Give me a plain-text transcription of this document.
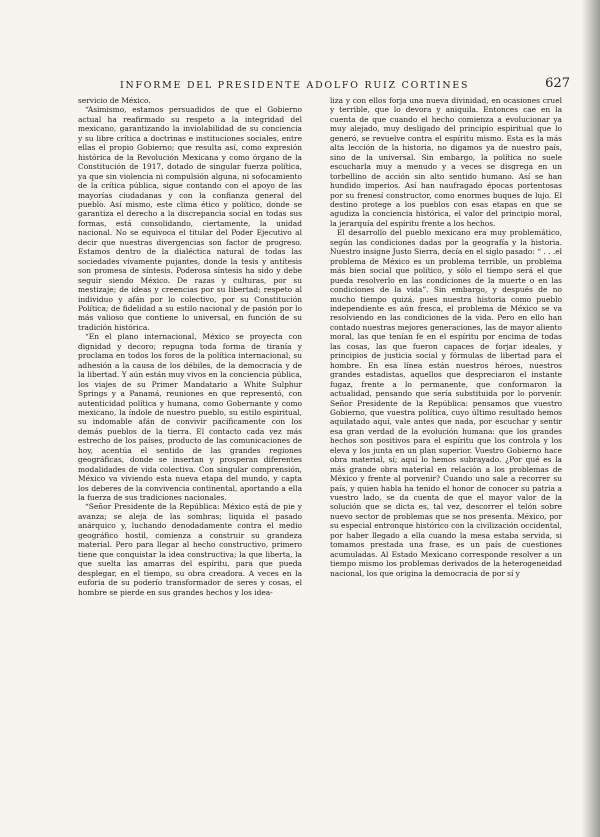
INFORME DEL PRESIDENTE ADOLFO RUIZ CORTINES	627

servicio de México.

“Asimismo, estamos persuadidos de que el Gobierno actual ha reafirmado su respeto a la integridad del mexicano, garantizando la inviolabilidad de su conciencia y su libre crítica a doctrinas e instituciones sociales, entre ellas el propio Gobierno; que resulta así, como expresión histórica de la Revolución Mexicana y como órgano de la Constitución de 1917, dotado de singular fuerza política, ya que sin violencia ni compulsión alguna, ni sofocamiento de la crítica pública, sigue contando con el apoyo de las mayorías ciudadanas y con la confianza general del pueblo. Así mismo, este clima ético y político, donde se garantiza el derecho a la discrepancia social en todas sus formas, está consolidando, ciertamente, la unidad nacional. No se equivoca el titular del Poder Ejecutivo al decir que nuestras divergencias son factor de progreso. Estamos dentro de la dialéctica natural de todas las sociedades vivamente pujantes, donde la tesis y antítesis son promesa de síntesis. Poderosa síntesis ha sido y debe seguir siendo México. De razas y culturas, por su mestizaje; de ideas y creencias por su libertad; respeto al individuo y afán por lo colectivo, por su Constitución Política; de fidelidad a su estilo nacional y de pasión por lo más valioso que contiene lo universal, en función de su tradición histórica.

“En el plano internacional, México se proyecta con dignidad y decoro; repugna toda forma de tiranía y proclama en todos los foros de la política internacional, su adhesión a la causa de los débiles, de la democracia y de la libertad. Y aún están muy vivos en la conciencia pública, los viajes de su Primer Mandatario a White Sulphur Springs y a Panamá, reuniones en que representó, con autenticidad política y humana, como Gobernante y como mexicano, la índole de nuestro pueblo, su estilo espiritual, su indomable afán de convivir pacíficamente con los demás pueblos de la tierra. El contacto cada vez más estrecho de los países, producto de las comunicaciones de hoy, acentúa el sentido de las grandes regiones geográficas, donde se insertan y prosperan diferentes modalidades de vida colectiva. Con singular comprensión, México va viviendo esta nueva etapa del mundo, y capta los deberes de la convivencia continental, aportando a ella la fuerza de sus tradiciones nacionales.

“Señor Presidente de la República: México está de pie y avanza; se aleja de las sombras; liquida el pasado anárquico y, luchando denodadamente contra el medio geográfico hostil, comienza a construir su grandeza material. Pero para llegar al hecho constructivo, primero tiene que conquistar la idea constructiva; la que liberta, la que suelta las amarras del espíritu, para que pueda desplegar, en el tiempo, su obra creadora. A veces en la euforia de su poderío transformador de seres y cosas, el hombre se pierde en sus grandes hechos y los idea-

liza y con ellos forja una nueva divinidad, en ocasiones cruel y terrible, que lo devora y aniquila. Entonces cae en la cuenta de que cuando el hecho comienza a evolucionar ya muy alejado, muy desligado del principio espiritual que lo generó, se revuelve contra el espíritu mismo. Esta es la más alta lección de la historia, no digamos ya de nuestro país, sino de la universal. Sin embargo, la política no suele escucharla muy a menudo y a veces se disgrega en un torbellino de acción sin alto sentido humano. Así se han hundido imperios. Así han naufragado épocas portentosas por su frenesí constructor, como enormes buques de lujo. El destino protege a los pueblos con esas etapas en que se agudiza la conciencia histórica, el valor del principio moral, la jerarquía del espíritu frente a los hechos.

El desarrollo del pueblo mexicano era muy problemático, según las condiciones dadas por la geografía y la historia. Nuestro insigne Justo Sierra, decía en el siglo pasado: “ . . .el problema de México es un problema terrible, un problema más bien social que político, y sólo el tiempo será el que pueda resolverlo en las condiciones de la muerte o en las condiciones de la vida”. Sin embargo, y después de no mucho tiempo quizá, pues nuestra historia como pueblo independiente es aún fresca, el problema de México se va resolviendo en las condiciones de la vida. Pero en ello han contado nuestras mejores generaciones, las de mayor aliento moral, las que tenían fe en el espíritu por encima de todas las cosas, las que fueron capaces de forjar ideales, y principios de justicia social y fórmulas de libertad para el hombre. En esa línea están nuestros héroes, nuestros grandes estadistas, aquellos que despreciaron el instante fugaz, frente a lo permanente, que conformaron la actualidad, pensando que sería substituida por lo porvenir. Señor Presidente de la República: pensamos que vuestro Gobierno, que vuestra política, cuyo último resultado hemos aquilatado aquí, vale antes que nada, por escuchar y sentir esa gran verdad de la evolución humana: que los grandes hechos son positivos para el espíritu que los controla y los eleva y los junta en un plan superior. Vuestro Gobierno hace obra material, sí; aquí lo hemos subrayado. ¿Por qué es la más grande obra material en relación a los problemas de México y frente al porvenir? Cuando uno sale a recorrer su país, y quien habla ha tenido el honor de conocer su patria a vuestro lado, se da cuenta de que el mayor valor de la solución que se dicta es, tal vez, descorrer el telón sobre nuevo sector de problemas que se nos presenta. México, por su especial entronque histórico con la civilización occidental, por haber llegado a ella cuando la mesa estaba servida, si tomamos prestada una frase, es un país de cuestiones acumuladas. Al Estado Mexicano corresponde resolver a un tiempo mismo los problemas derivados de la heterogeneidad nacional, los que origina la democracia de por sí y
